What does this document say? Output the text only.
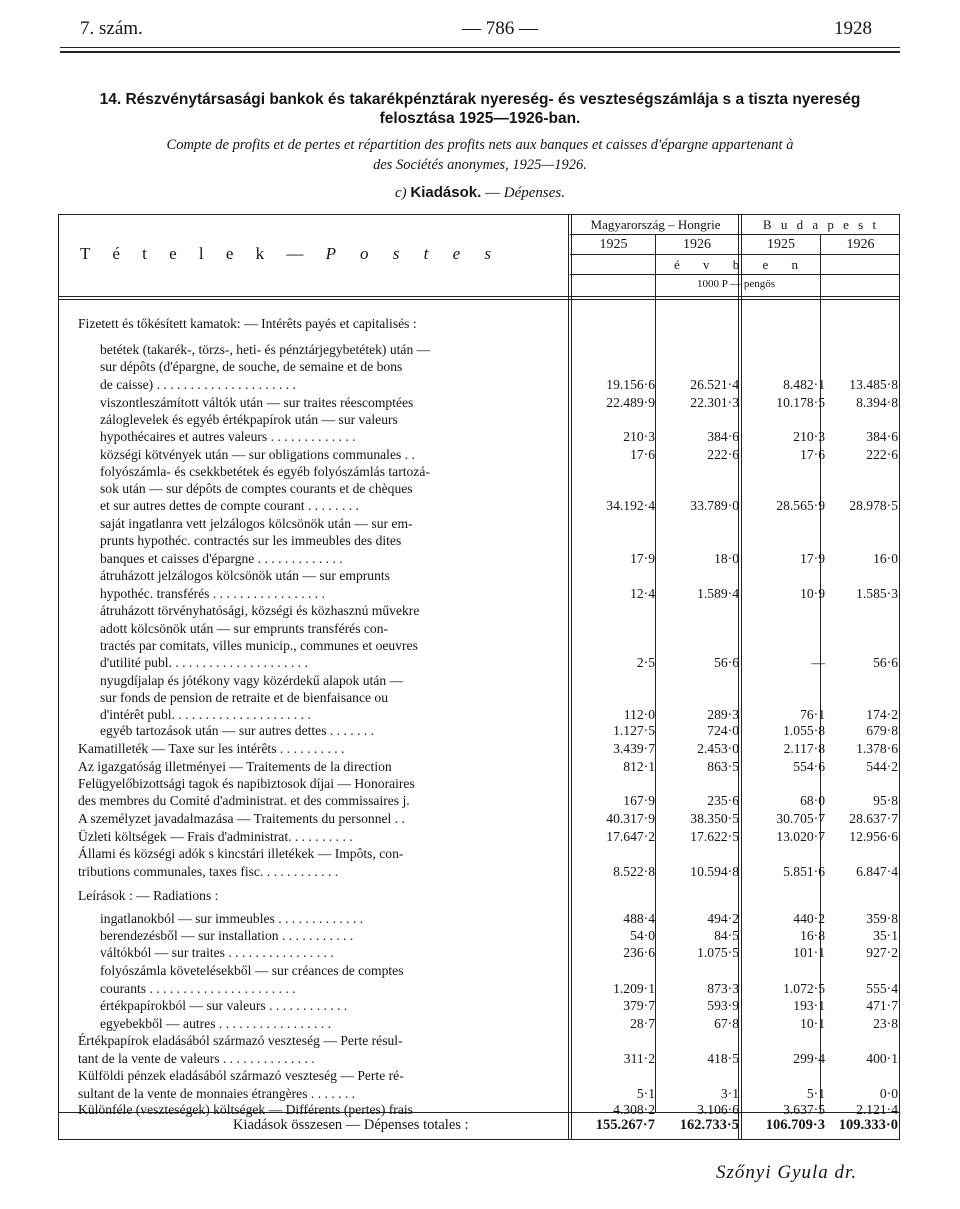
7. szám.	— 786 —	1928
14. Részvénytársasági bankok és takarékpénztárak nyereség- és veszteségszámlája s a tiszta nyereség
felosztása 1925—1926-ban.
Compte de profits et de pertes et répartition des profits nets aux banques et caisses d'épargne appartenant à
des Sociétés anonymes, 1925—1926.
c) Kiadások. — Dépenses.
T é t e l e k — P o s t e s
Magyarország – Hongrie	B u d a p e s t
1925	1926	1925	1926
é v b e n
1000 P — pengős
Fizetett és tőkésített kamatok: — Intérêts payés et capitalisés :
betétek (takarék-, törzs-, heti- és pénztárjegybetétek) után —
sur dépôts (d'épargne, de souche, de semaine et de bons
de caisse) . . . . . . . . . . . . . . . . . . . . .	19.156·6	26.521·4	8.482·1	13.485·8
viszontleszámított váltók után — sur traites réescomptées	22.489·9	22.301·3	10.178·5	8.394·8
záloglevelek és egyéb értékpapírok után — sur valeurs
hypothécaires et autres valeurs . . . . . . . . . . . . .	210·3	384·6	210·3	384·6
községi kötvények után — sur obligations communales . .	17·6	222·6	17·6	222·6
folyószámla- és csekkbetétek és egyéb folyószámlás tartozá-
sok után — sur dépôts de comptes courants et de chèques
et sur autres dettes de compte courant . . . . . . . .	34.192·4	33.789·0	28.565·9	28.978·5
saját ingatlanra vett jelzálogos kölcsönök után — sur em-
prunts hypothéc. contractés sur les immeubles des dites
banques et caisses d'épargne . . . . . . . . . . . . .	17·9	18·0	17·9	16·0
átruházott jelzálogos kölcsönök után — sur emprunts
hypothéc. transférés . . . . . . . . . . . . . . . . .	12·4	1.589·4	10·9	1.585·3
átruházott törvényhatósági, községi és közhasznú művekre
adott kölcsönök után — sur emprunts transférés con-
tractés par comitats, villes municip., communes et oeuvres
d'utilité publ. . . . . . . . . . . . . . . . . . . . .	2·5	56·6	—	56·6
nyugdíjalap és jótékony vagy közérdekű alapok után —
sur fonds de pension de retraite et de bienfaisance ou
d'intérêt publ. . . . . . . . . . . . . . . . . . . . .	112·0	289·3	76·1	174·2
egyéb tartozások után — sur autres dettes . . . . . . .	1.127·5	724·0	1.055·8	679·8
Kamatilleték — Taxe sur les intérêts . . . . . . . . . .	3.439·7	2.453·0	2.117·8	1.378·6
Az igazgatóság illetményei — Traitements de la direction	812·1	863·5	554·6	544·2
Felügyelőbizottsági tagok és napibiztosok díjai — Honoraires
des membres du Comité d'administrat. et des commissaires j.	167·9	235·6	68·0	95·8
A személyzet javadalmazása — Traitements du personnel . .	40.317·9	38.350·5	30.705·7	28.637·7
Üzleti költségek — Frais d'administrat. . . . . . . . . .	17.647·2	17.622·5	13.020·7	12.956·6
Állami és községi adók s kincstári illetékek — Impôts, con-
tributions communales, taxes fisc. . . . . . . . . . . .	8.522·8	10.594·8	5.851·6	6.847·4
Leírások : — Radiations :
ingatlanokból — sur immeubles . . . . . . . . . . . . .	488·4	494·2	440·2	359·8
berendezésből — sur installation . . . . . . . . . . .	54·0	84·5	16·8	35·1
váltókból — sur traites . . . . . . . . . . . . . . . .	236·6	1.075·5	101·1	927·2
folyószámla követelésekből — sur créances de comptes
courants . . . . . . . . . . . . . . . . . . . . . .	1.209·1	873·3	1.072·5	555·4
értékpapírokból — sur valeurs . . . . . . . . . . . .	379·7	593·9	193·1	471·7
egyebekből — autres . . . . . . . . . . . . . . . . .	28·7	67·8	10·1	23·8
Értékpapírok eladásából származó veszteség — Perte résul-
tant de la vente de valeurs . . . . . . . . . . . . . .	311·2	418·5	299·4	400·1
Külföldi pénzek eladásából származó veszteség — Perte ré-
sultant de la vente de monnaies étrangères . . . . . . .	5·1	3·1	5·1	0·0
Különféle (veszteségek) költségek — Différents (pertes) frais	4.308·2	3.106·6	3.637·5	2.121·4
Kiadások összesen — Dépenses totales :	155.267·7	162.733·5	106.709·3 109.333·0
Szőnyi Gyula dr.
